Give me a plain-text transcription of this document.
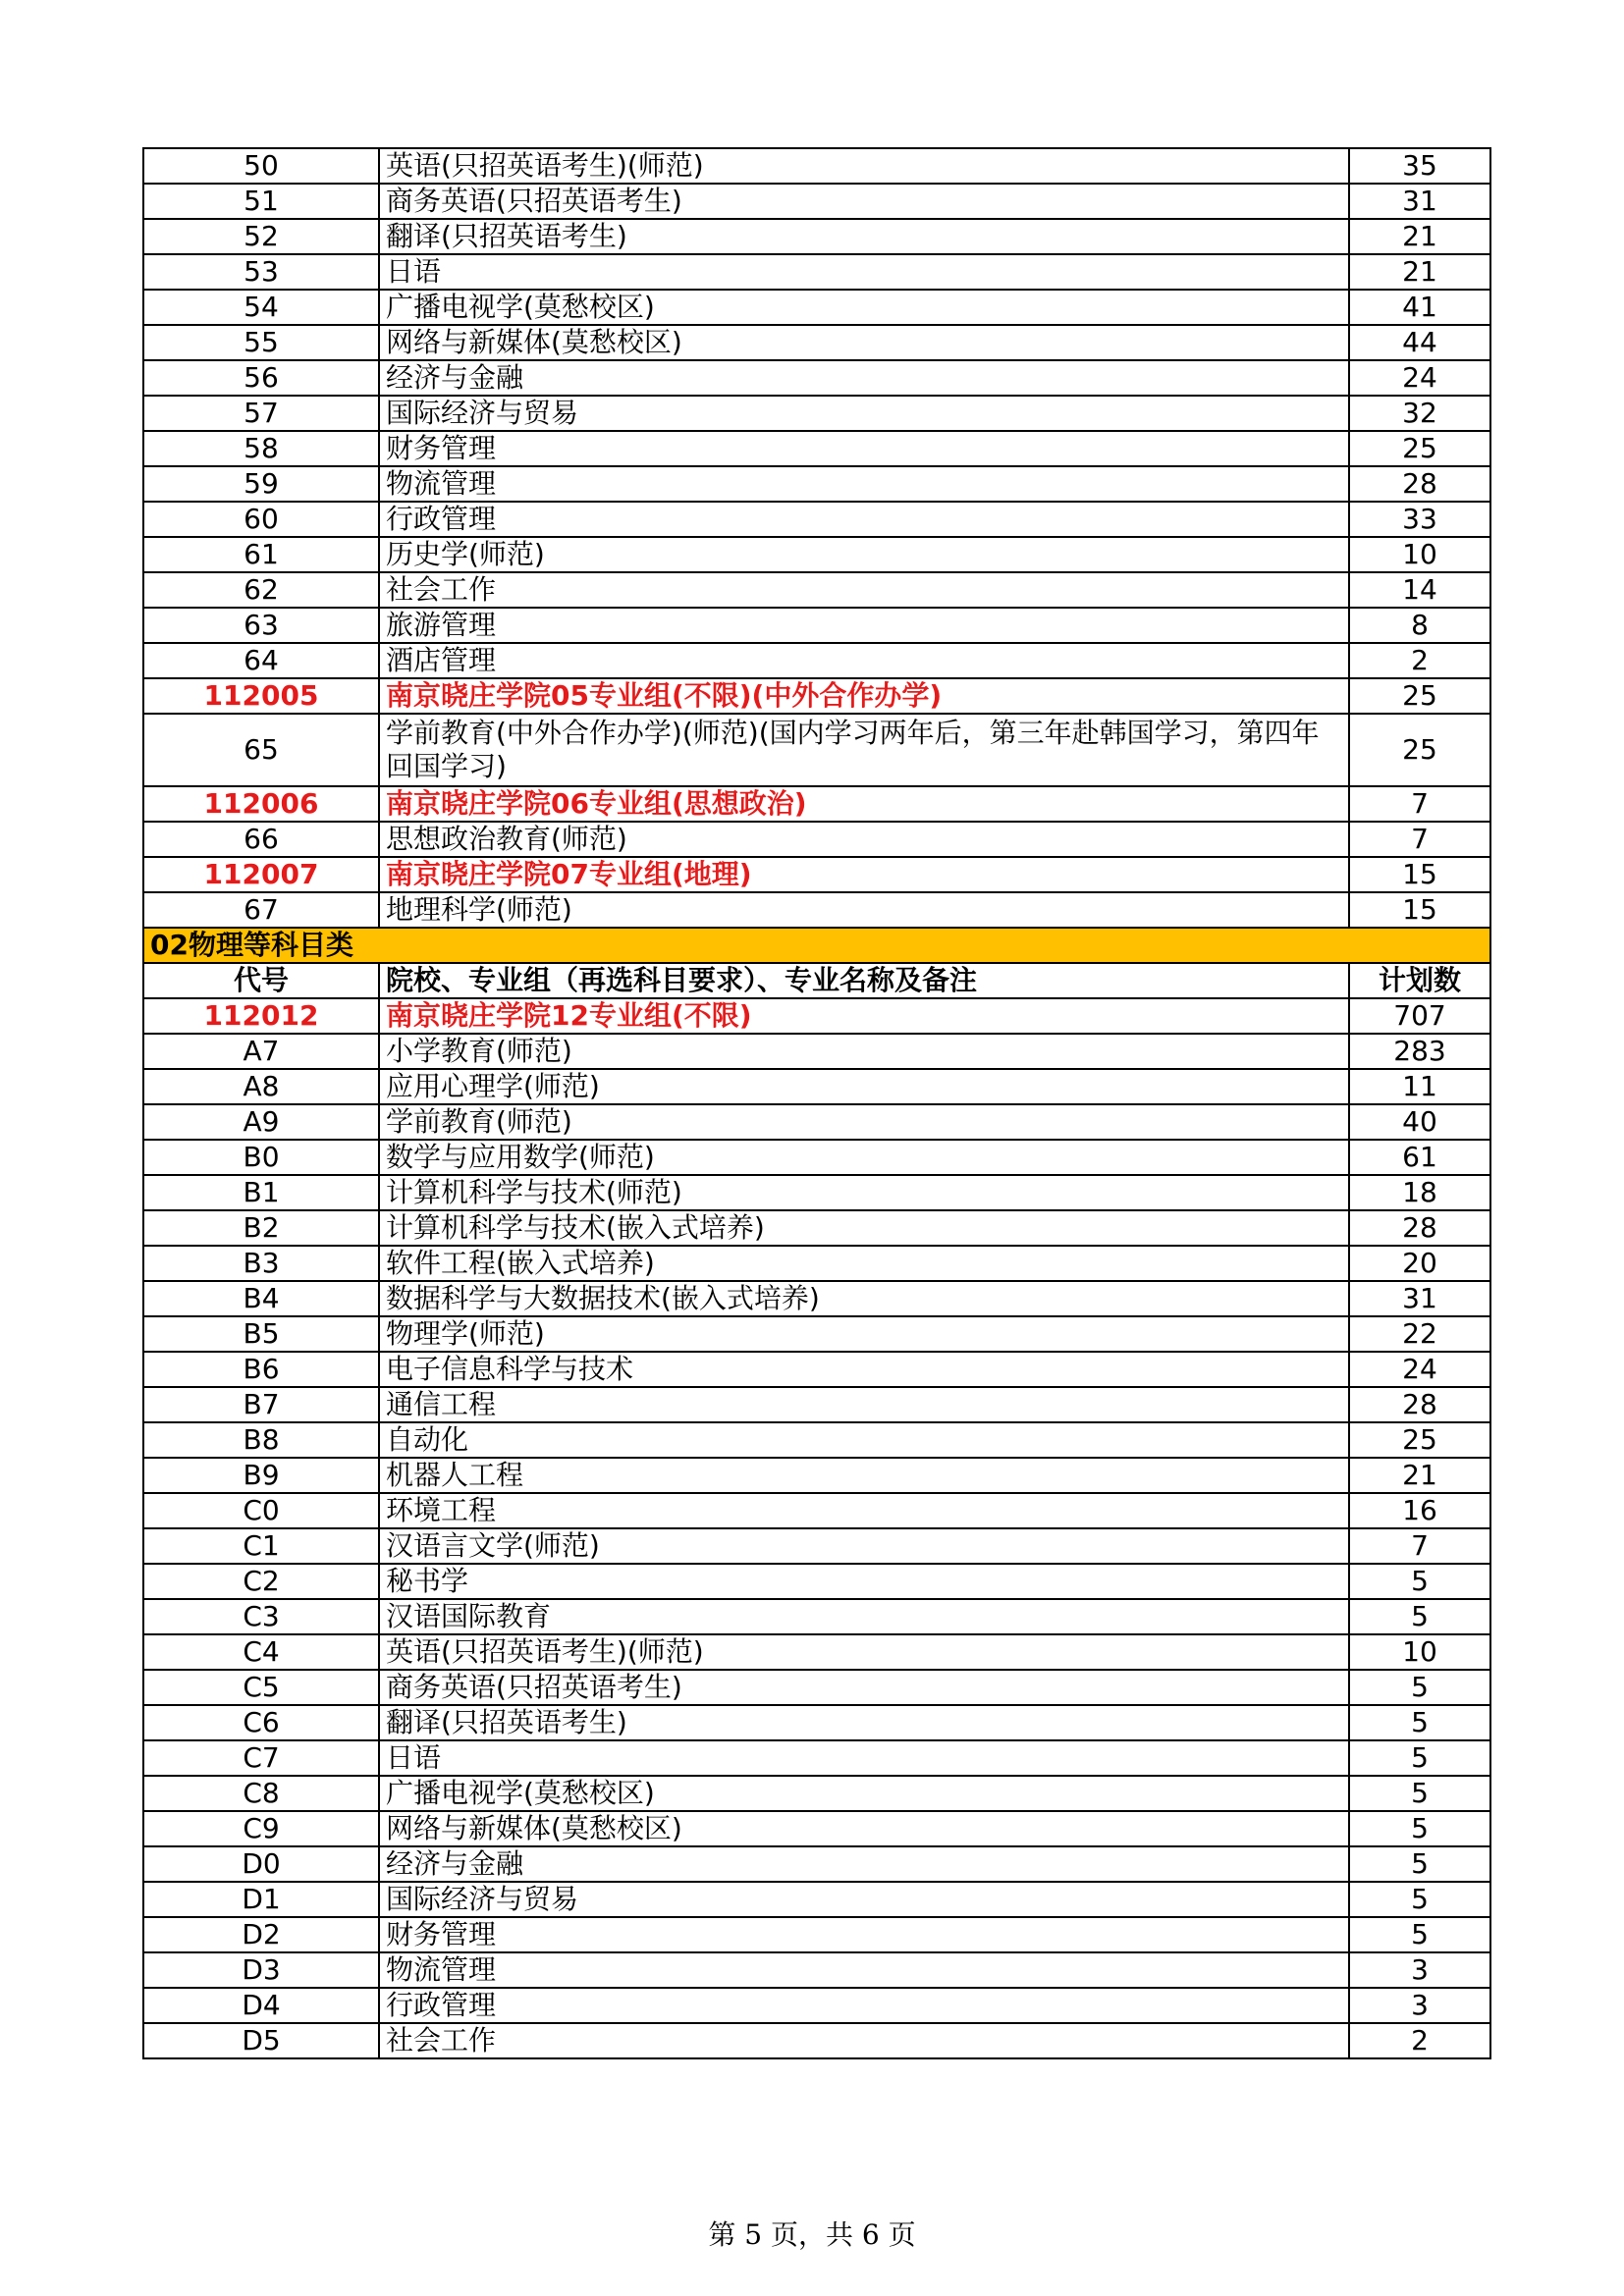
50	英语(只招英语考生)(师范)	35
51	商务英语(只招英语考生)	31
52	翻译(只招英语考生)	21
53	日语	21
54	广播电视学(莫愁校区)	41
55	网络与新媒体(莫愁校区)	44
56	经济与金融	24
57	国际经济与贸易	32
58	财务管理	25
59	物流管理	28
60	行政管理	33
61	历史学(师范)	10
62	社会工作	14
63	旅游管理	8
64	酒店管理	2
112005	南京晓庄学院05专业组(不限)(中外合作办学)	25
65	学前教育(中外合作办学)(师范)(国内学习两年后，第三年赴韩国学习，第四年回国学习)	25
112006	南京晓庄学院06专业组(思想政治)	7
66	思想政治教育(师范)	7
112007	南京晓庄学院07专业组(地理)	15
67	地理科学(师范)	15
02物理等科目类		
代号	院校、专业组（再选科目要求）、专业名称及备注	计划数
112012	南京晓庄学院12专业组(不限)	707
A7	小学教育(师范)	283
A8	应用心理学(师范)	11
A9	学前教育(师范)	40
B0	数学与应用数学(师范)	61
B1	计算机科学与技术(师范)	18
B2	计算机科学与技术(嵌入式培养)	28
B3	软件工程(嵌入式培养)	20
B4	数据科学与大数据技术(嵌入式培养)	31
B5	物理学(师范)	22
B6	电子信息科学与技术	24
B7	通信工程	28
B8	自动化	25
B9	机器人工程	21
C0	环境工程	16
C1	汉语言文学(师范)	7
C2	秘书学	5
C3	汉语国际教育	5
C4	英语(只招英语考生)(师范)	10
C5	商务英语(只招英语考生)	5
C6	翻译(只招英语考生)	5
C7	日语	5
C8	广播电视学(莫愁校区)	5
C9	网络与新媒体(莫愁校区)	5
D0	经济与金融	5
D1	国际经济与贸易	5
D2	财务管理	5
D3	物流管理	3
D4	行政管理	3
D5	社会工作	2
第 5 页，共 6 页
